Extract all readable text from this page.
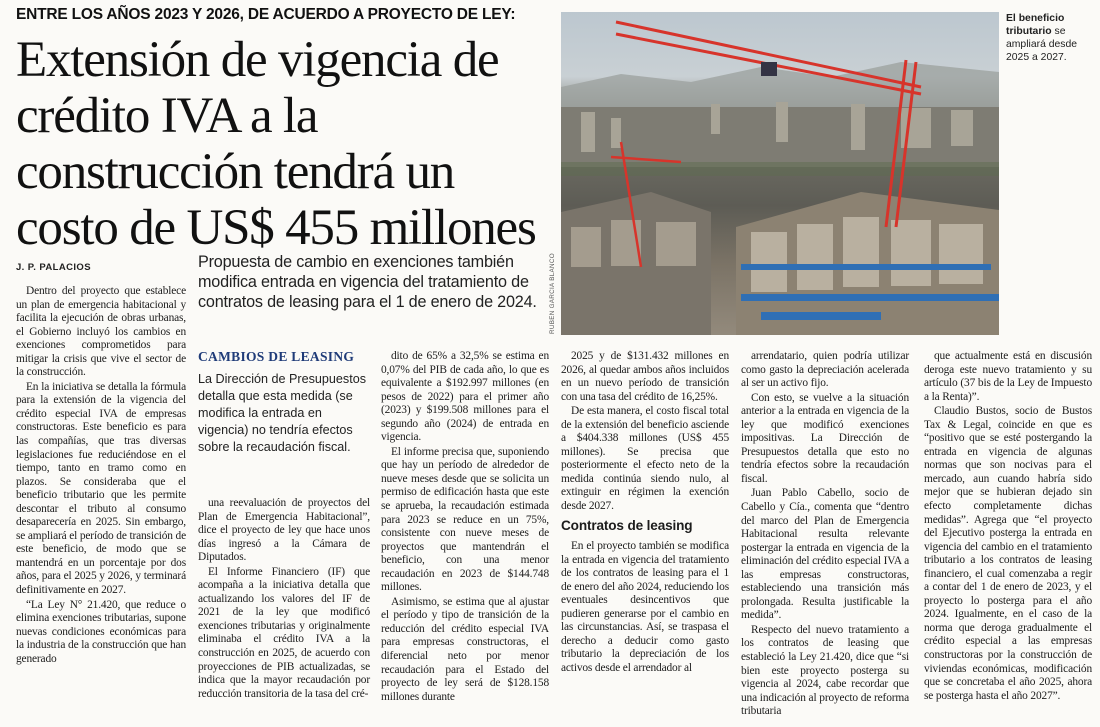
ENTRE LOS AÑOS 2023 Y 2026, DE ACUERDO A PROYECTO DE LEY:
Extensión de vigencia de crédito IVA a la construcción tendrá un costo de US$ 455 millones
RUBEN GARCIA BLANCO
El beneficio tributario se ampliará desde 2025 a 2027.
J. P. PALACIOS	Propuesta de cambio en exenciones también modifica entrada en vigencia del tratamiento de contratos de leasing para el 1 de enero de 2024.
CAMBIOS DE LEASING
La Dirección de Presupuestos detalla que esta medida (se modifica la entrada en vigencia) no tendría efectos sobre la recaudación fiscal.

Dentro del proyecto que establece un plan de emergencia habitacional y facilita la ejecución de obras urbanas, el Gobierno incluyó los cambios en exenciones comprometidos para mitigar la crisis que vive el sector de la construcción.

En la iniciativa se detalla la fórmula para la extensión de la vigencia del crédito especial IVA de empresas constructoras. Este beneficio es para las compañías, que tras diversas legislaciones fue reduciéndose en el tiempo, tanto en tramo como en plazos. Se consideraba que el beneficio tributario que les permite descontar el tributo al consumo desaparecería en 2025. Sin embargo, se ampliará el período de transición de este beneficio, de modo que se mantendrá en un porcentaje por dos años, para el 2025 y 2026, y terminará definitivamente en 2027.

“La Ley N° 21.420, que reduce o elimina exenciones tributarias, supone nuevas condiciones económicas para la industria de la construcción que han generado

una reevaluación de proyectos del Plan de Emergencia Habitacional”, dice el proyecto de ley que hace unos días ingresó a la Cámara de Diputados.

El Informe Financiero (IF) que acompaña a la iniciativa detalla que actualizando los valores del IF de 2021 de la ley que modificó exenciones tributarias y originalmente eliminaba el crédito IVA a la construcción en 2025, de acuerdo con proyecciones de PIB actualizadas, se indica que la mayor recaudación por reducción transitoria de la tasa del cré-

dito de 65% a 32,5% se estima en 0,07% del PIB de cada año, lo que es equivalente a $192.997 millones (en pesos de 2022) para el primer año (2023) y $199.508 millones para el segundo año (2024) de entrada en vigencia.

El informe precisa que, suponiendo que hay un período de alrededor de nueve meses desde que se solicita un permiso de edificación hasta que este se aprueba, la recaudación estimada para 2023 se reduce en un 75%, consistente con nueve meses de proyectos que mantendrán el beneficio, con una menor recaudación en 2023 de $144.748 millones.

Asimismo, se estima que al ajustar el período y tipo de transición de la reducción del crédito especial IVA para empresas constructoras, el diferencial neto por menor recaudación para el Estado del proyecto de ley será de $128.158 millones durante

2025 y de $131.432 millones en 2026, al quedar ambos años incluidos en un nuevo período de transición con una tasa del crédito de 16,25%.

De esta manera, el costo fiscal total de la extensión del beneficio asciende a $404.338 millones (US$ 455 millones). Se precisa que posteriormente el efecto neto de la medida continúa siendo nulo, al extinguir en régimen la exención desde 2027.

Contratos de leasing

En el proyecto también se modifica la entrada en vigencia del tratamiento de los contratos de leasing para el 1 de enero del año 2024, reduciendo los eventuales desincentivos que pudieren generarse por el cambio en las circunstancias. Así, se traspasa el derecho a deducir como gasto tributario la depreciación de los activos desde el arrendador al

arrendatario, quien podría utilizar como gasto la depreciación acelerada al ser un activo fijo.

Con esto, se vuelve a la situación anterior a la entrada en vigencia de la ley que modificó exenciones impositivas. La Dirección de Presupuestos detalla que esto no tendría efectos sobre la recaudación fiscal.

Juan Pablo Cabello, socio de Cabello y Cía., comenta que “dentro del marco del Plan de Emergencia Habitacional resulta relevante postergar la entrada en vigencia de la eliminación del crédito especial IVA a las empresas constructoras, estableciendo una transición más prolongada. Resulta justificable la medida”.

Respecto del nuevo tratamiento a los contratos de leasing que estableció la Ley 21.420, dice que “si bien este proyecto posterga su vigencia al 2024, cabe recordar que una indicación al proyecto de reforma tributaria

que actualmente está en discusión deroga este nuevo tratamiento y su artículo (37 bis de la Ley de Impuesto a la Renta)”.

Claudio Bustos, socio de Bustos Tax & Legal, coincide en que es “positivo que se esté postergando la entrada en vigencia de algunas normas que son nocivas para el mercado, aun cuando habría sido mejor que se hubieran dejado sin efecto completamente dichas medidas”. Agrega que “el proyecto del Ejecutivo posterga la entrada en vigencia del cambio en el tratamiento tributario a los contratos de leasing financiero, el cual comenzaba a regir a contar del 1 de enero de 2023, y el proyecto lo posterga para el año 2024. Igualmente, en el caso de la norma que deroga gradualmente el crédito especial a las empresas constructoras por la construcción de viviendas económicas, modificación que se concretaba el año 2025, ahora se posterga hasta el año 2027”.
